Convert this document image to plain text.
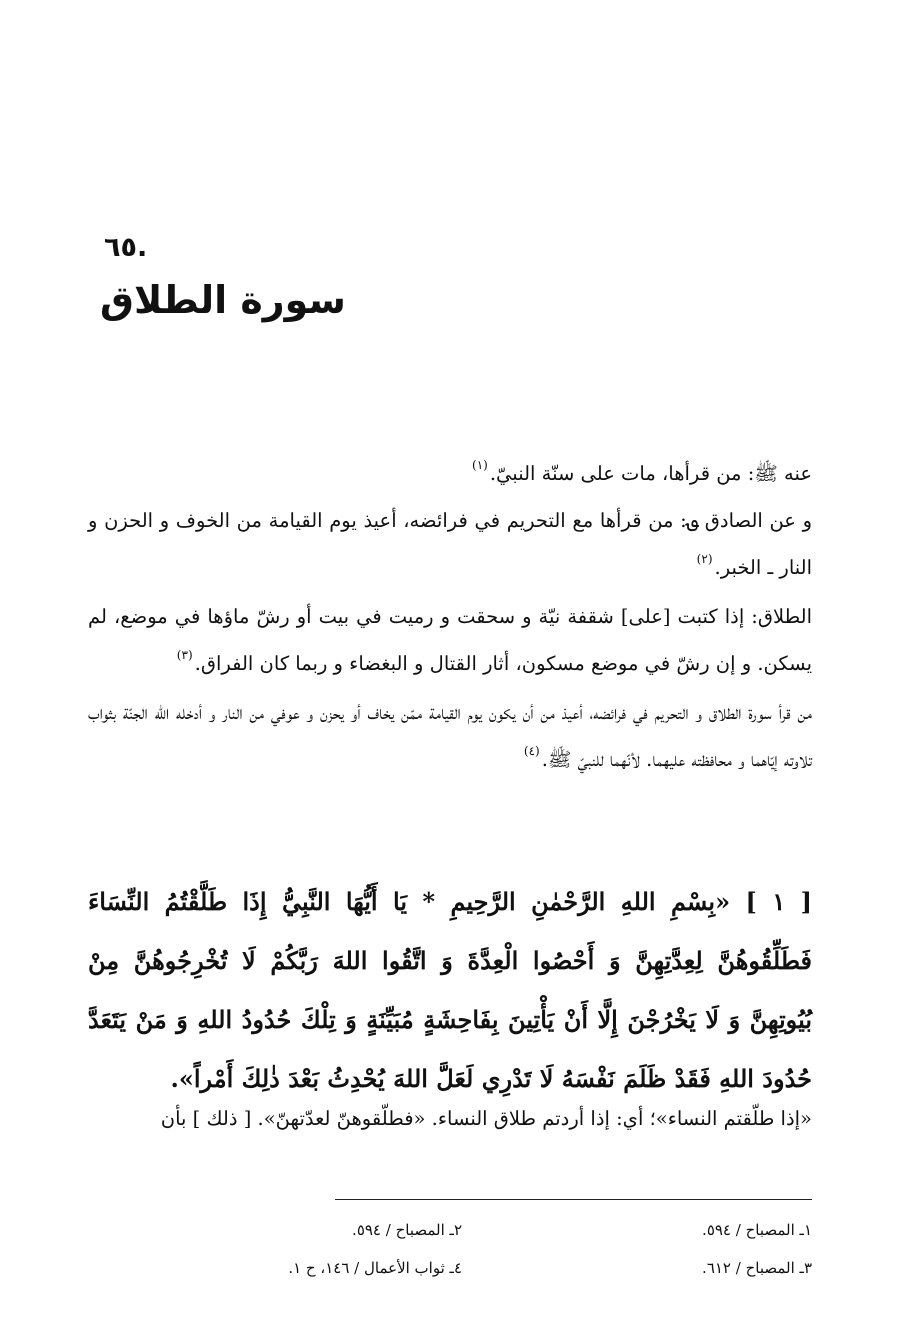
.٦٥
سورة الطلاق

عنه ﷺ: من قرأها، مات على سنّة النبيّ.$^{(١)}$

و عن الصادق ؈: من قرأها مع التحريم في فرائضه، أعيذ يوم القيامة من الخوف و الحزن و النار ـ الخبر.$^{(٢)}$

الطلاق: إذا كتبت [على] شقفة نيّة و سحقت و رميت في بيت أو رشّ ماؤها في موضع، لم يسكن. و إن رشّ في موضع مسكون، أثار القتال و البغضاء و ربما كان الفراق.$^{(٣)}$

من قرأ سورة الطلاق و التحريم في فرائضه، أعيذ من أن يكون يوم القيامة ممّن يخاف أو يحزن و عوفي من النار و أدخله الله الجنّة بثواب تلاوته إيّاهما و محافظته عليهما. لأنّهما للنبيّ ﷺ.$^{(٤)}$

[ ١ ] «بِسْمِ اللهِ الرَّحْمٰنِ الرَّحِيمِ * يَا أَيُّهَا النَّبِيُّ إِذَا طَلَّقْتُمُ النِّسَاءَ فَطَلِّقُوهُنَّ لِعِدَّتِهِنَّ وَ أَحْصُوا الْعِدَّةَ وَ اتَّقُوا اللهَ رَبَّكُمْ لَا تُخْرِجُوهُنَّ مِنْ بُيُوتِهِنَّ وَ لَا يَخْرُجْنَ إِلَّا أَنْ يَأْتِينَ بِفَاحِشَةٍ مُبَيِّنَةٍ وَ تِلْكَ حُدُودُ اللهِ وَ مَنْ يَتَعَدَّ حُدُودَ اللهِ فَقَدْ ظَلَمَ نَفْسَهُ لَا تَدْرِي لَعَلَّ اللهَ يُحْدِثُ بَعْدَ ذٰلِكَ أَمْراً».
«إذا طلّقتم النساء»؛ أي: إذا أردتم طلاق النساء. «فطلّقوهنّ لعدّتهنّ». [ ذلك ] بأن
١ـ المصباح / ٥٩٤.
٢ـ المصباح / ٥٩٤.
٣ـ المصباح / ٦١٢.
٤ـ ثواب الأعمال / ١٤٦، ح ١.
